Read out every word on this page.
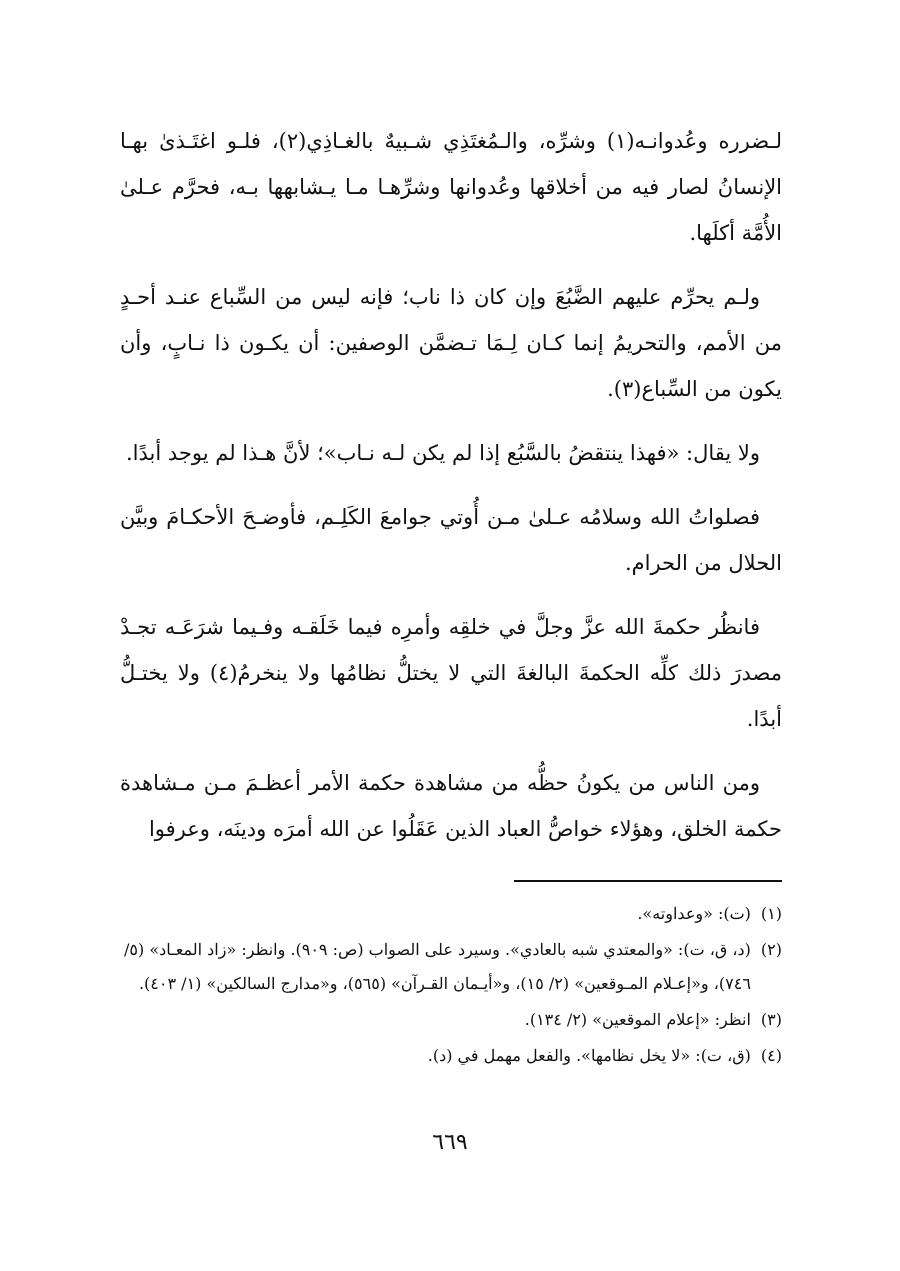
لـضرره وعُدوانـه(١) وشرِّه، والـمُغتَذِي شـبيهٌ بالغـاذِي(٢)، فلـو اغتَـذىٰ بهـا الإنسانُ لصار فيه من أخلاقها وعُدوانها وشرِّهـا مـا يـشابهها بـه، فحرَّم عـلىٰ الأُمَّة أكلَها.

ولـم يحرِّم عليهم الضَّبُعَ وإن كان ذا ناب؛ فإنه ليس من السِّباع عنـد أحـدٍ من الأمم، والتحريمُ إنما كـان لِـمَا تـضمَّن الوصفين: أن يكـون ذا نـابٍ، وأن يكون من السِّباع(٣).

ولا يقال: «فهذا ينتقضُ بالسَّبُع إذا لم يكن لـه نـاب»؛ لأنَّ هـذا لم يوجد أبدًا.

فصلواتُ الله وسلامُه عـلىٰ مـن أُوتي جوامعَ الكَلِـم، فأوضـحَ الأحكـامَ وبيَّن الحلال من الحرام.

فانظُر حكمةَ الله عزَّ وجلَّ في خلقِه وأمرِه فيما خَلَقـه وفـيما شرَعَـه تجـدْ مصدرَ ذلك كلِّه الحكمةَ البالغةَ التي لا يختلُّ نظامُها ولا ينخرمُ(٤) ولا يختـلُّ أبدًا.

ومن الناس من يكونُ حظُّه من مشاهدة حكمة الأمر أعظـمَ مـن مـشاهدة حكمة الخلق، وهؤلاء خواصُّ العباد الذين عَقَلُوا عن الله أمرَه ودينَه، وعرفوا

(١)
(ت): «وعداوته».
(٢)
(د، ق، ت): «والمعتدي شبه بالعادي». وسيرد على الصواب (ص: ٩٠٩). وانظر: «زاد المعـاد» (٥/ ٧٤٦)، و«إعـلام المـوقعين» (٢/ ١٥)، و«أيـمان القـرآن» (٥٦٥)، و«مدارج السالكين» (١/ ٤٠٣).
(٣)
انظر: «إعلام الموقعين» (٢/ ١٣٤).
(٤)
(ق، ت): «لا يخل نظامها». والفعل مهمل في (د).
٦٦٩
